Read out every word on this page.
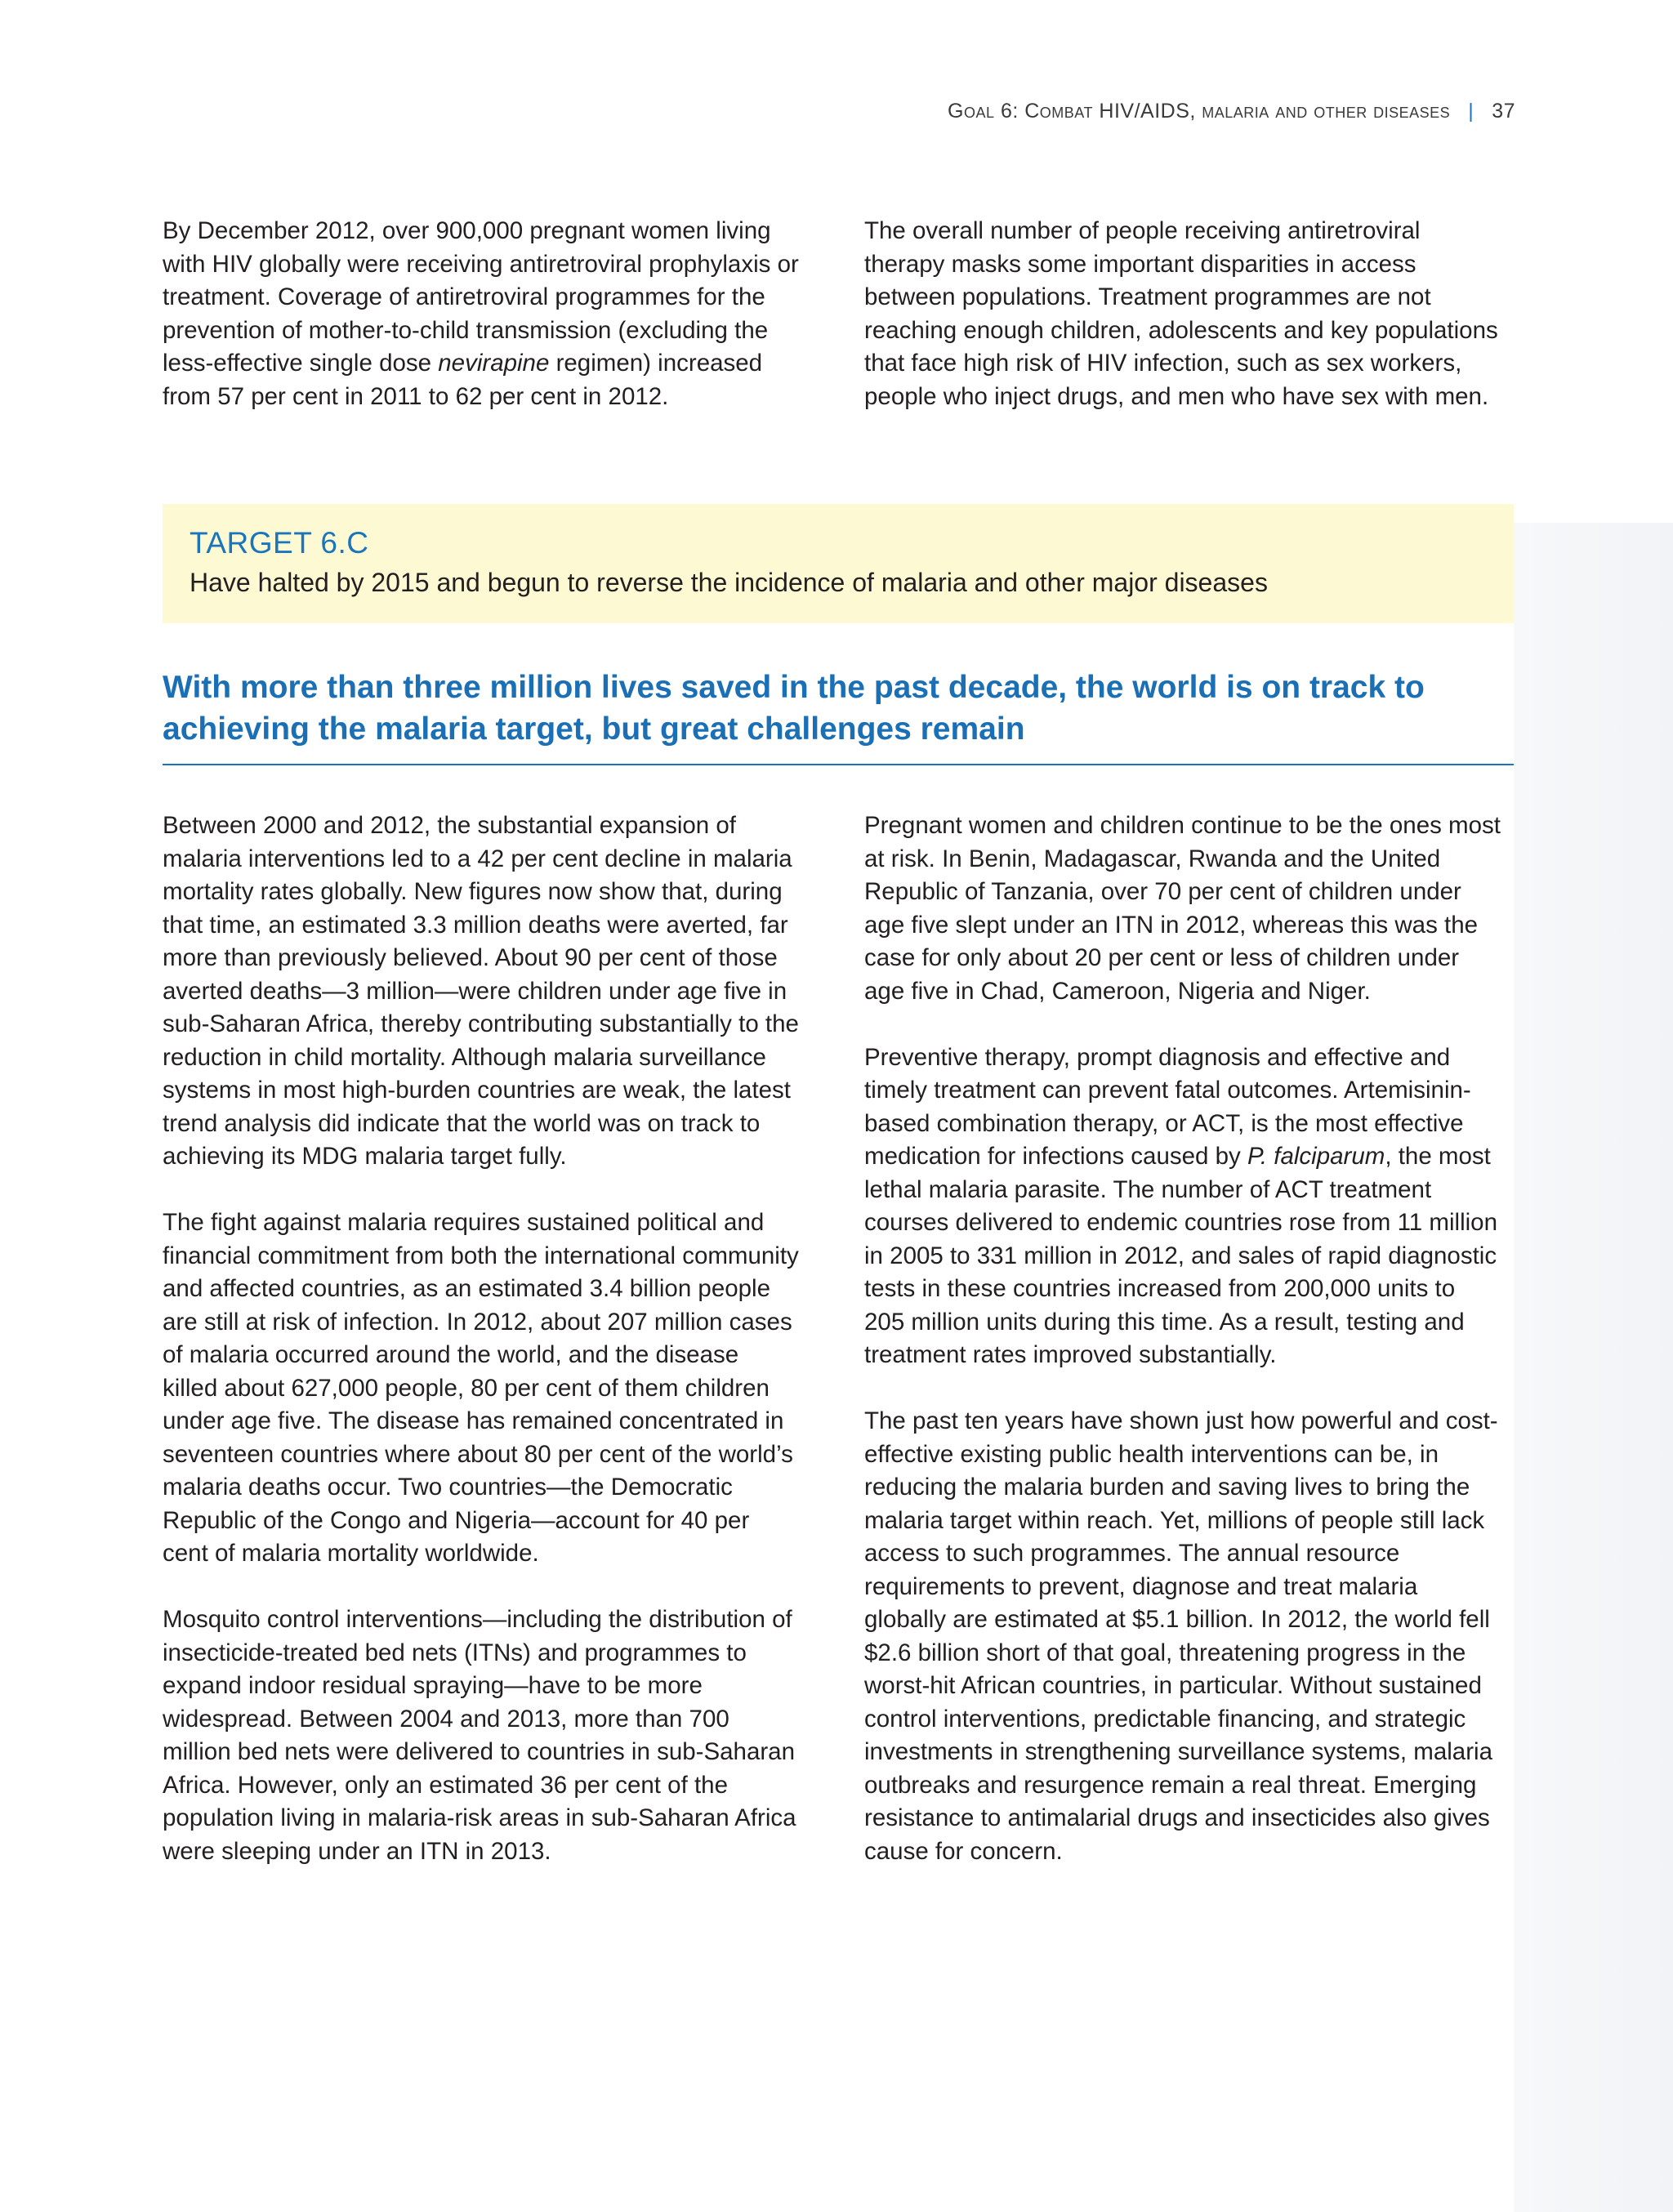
Goal 6: Combat HIV/AIDS, malaria and other diseases | 37

By December 2012, over 900,000 pregnant women living with HIV globally were receiving antiretroviral prophylaxis or treatment. Coverage of antiretroviral programmes for the prevention of mother-to-child transmission (excluding the less-effective single dose nevirapine regimen) increased from 57 per cent in 2011 to 62 per cent in 2012.

The overall number of people receiving antiretroviral therapy masks some important disparities in access between populations. Treatment programmes are not reaching enough children, adolescents and key populations that face high risk of HIV infection, such as sex workers, people who inject drugs, and men who have sex with men.

TARGET 6.C
Have halted by 2015 and begun to reverse the incidence of malaria and other major diseases
With more than three million lives saved in the past decade, the world is on track to achieving the malaria target, but great challenges remain

Between 2000 and 2012, the substantial expansion of malaria interventions led to a 42 per cent decline in malaria mortality rates globally. New figures now show that, during that time, an estimated 3.3 million deaths were averted, far more than previously believed. About 90 per cent of those averted deaths—3 million—were children under age five in sub-Saharan Africa, thereby contributing substantially to the reduction in child mortality. Although malaria surveillance systems in most high-burden countries are weak, the latest trend analysis did indicate that the world was on track to achieving its MDG malaria target fully.

The fight against malaria requires sustained political and financial commitment from both the international community and affected countries, as an estimated 3.4 billion people are still at risk of infection. In 2012, about 207 million cases of malaria occurred around the world, and the disease killed about 627,000 people, 80 per cent of them children under age five. The disease has remained concentrated in seventeen countries where about 80 per cent of the world’s malaria deaths occur. Two countries—the Democratic Republic of the Congo and Nigeria—account for 40 per cent of malaria mortality worldwide.

Mosquito control interventions—including the distribution of insecticide-treated bed nets (ITNs) and programmes to expand indoor residual spraying—have to be more widespread. Between 2004 and 2013, more than 700 million bed nets were delivered to countries in sub-Saharan Africa. However, only an estimated 36 per cent of the population living in malaria-risk areas in sub-Saharan Africa were sleeping under an ITN in 2013.

Pregnant women and children continue to be the ones most at risk. In Benin, Madagascar, Rwanda and the United Republic of Tanzania, over 70 per cent of children under age five slept under an ITN in 2012, whereas this was the case for only about 20 per cent or less of children under age five in Chad, Cameroon, Nigeria and Niger.

Preventive therapy, prompt diagnosis and effective and timely treatment can prevent fatal outcomes. Artemisinin-based combination therapy, or ACT, is the most effective medication for infections caused by P. falciparum, the most lethal malaria parasite. The number of ACT treatment courses delivered to endemic countries rose from 11 million in 2005 to 331 million in 2012, and sales of rapid diagnostic tests in these countries increased from 200,000 units to 205 million units during this time. As a result, testing and treatment rates improved substantially.

The past ten years have shown just how powerful and cost-effective existing public health interventions can be, in reducing the malaria burden and saving lives to bring the malaria target within reach. Yet, millions of people still lack access to such programmes. The annual resource requirements to prevent, diagnose and treat malaria globally are estimated at $5.1 billion. In 2012, the world fell $2.6 billion short of that goal, threatening progress in the worst-hit African countries, in particular. Without sustained control interventions, predictable financing, and strategic investments in strengthening surveillance systems, malaria outbreaks and resurgence remain a real threat. Emerging resistance to antimalarial drugs and insecticides also gives cause for concern.
